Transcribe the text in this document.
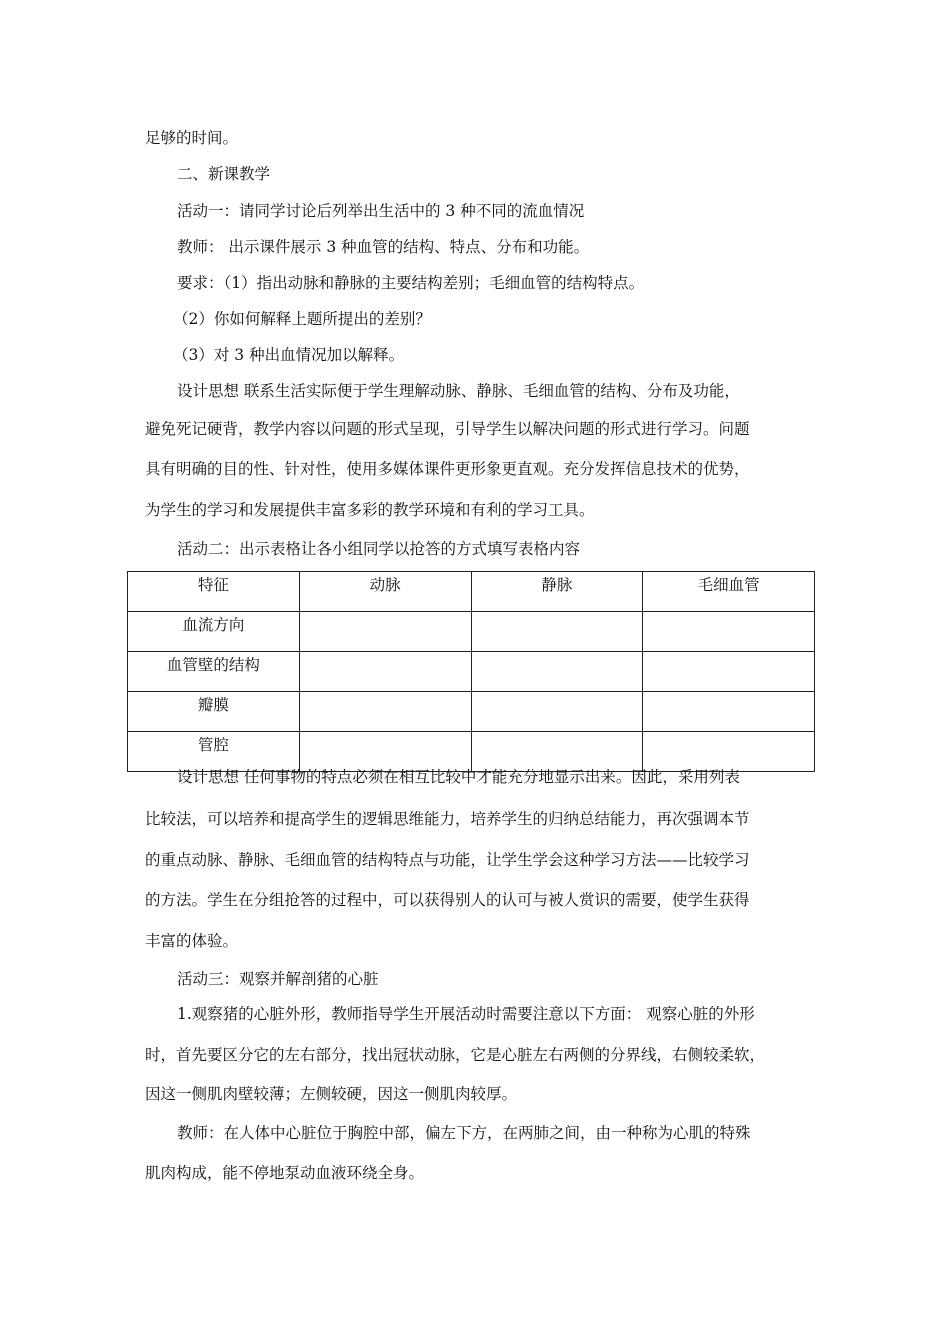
足够的时间。
二、新课教学
活动一：请同学讨论后列举出生活中的 3 种不同的流血情况
教师： 出示课件展示 3 种血管的结构、特点、分布和功能。
要求：（1）指出动脉和静脉的主要结构差别；毛细血管的结构特点。
（2）你如何解释上题所提出的差别？
（3）对 3 种出血情况加以解释。
设计思想 联系生活实际便于学生理解动脉、静脉、毛细血管的结构、分布及功能，
避免死记硬背，教学内容以问题的形式呈现，引导学生以解决问题的形式进行学习。问题
具有明确的目的性、针对性，使用多媒体课件更形象更直观。充分发挥信息技术的优势，
为学生的学习和发展提供丰富多彩的教学环境和有利的学习工具。
活动二：出示表格让各小组同学以抢答的方式填写表格内容
特征	动脉	静脉	毛细血管
血流方向			
血管壁的结构			
瓣膜			
管腔			
设计思想 任何事物的特点必须在相互比较中才能充分地显示出来。因此，采用列表
比较法，可以培养和提高学生的逻辑思维能力，培养学生的归纳总结能力，再次强调本节
的重点动脉、静脉、毛细血管的结构特点与功能，让学生学会这种学习方法——比较学习
的方法。学生在分组抢答的过程中，可以获得别人的认可与被人赏识的需要，使学生获得
丰富的体验。
活动三：观察并解剖猪的心脏
1.观察猪的心脏外形，教师指导学生开展活动时需要注意以下方面： 观察心脏的外形
时，首先要区分它的左右部分，找出冠状动脉，它是心脏左右两侧的分界线，右侧较柔软，
因这一侧肌肉壁较薄；左侧较硬，因这一侧肌肉较厚。
教师：在人体中心脏位于胸腔中部，偏左下方，在两肺之间，由一种称为心肌的特殊
肌肉构成，能不停地泵动血液环绕全身。
